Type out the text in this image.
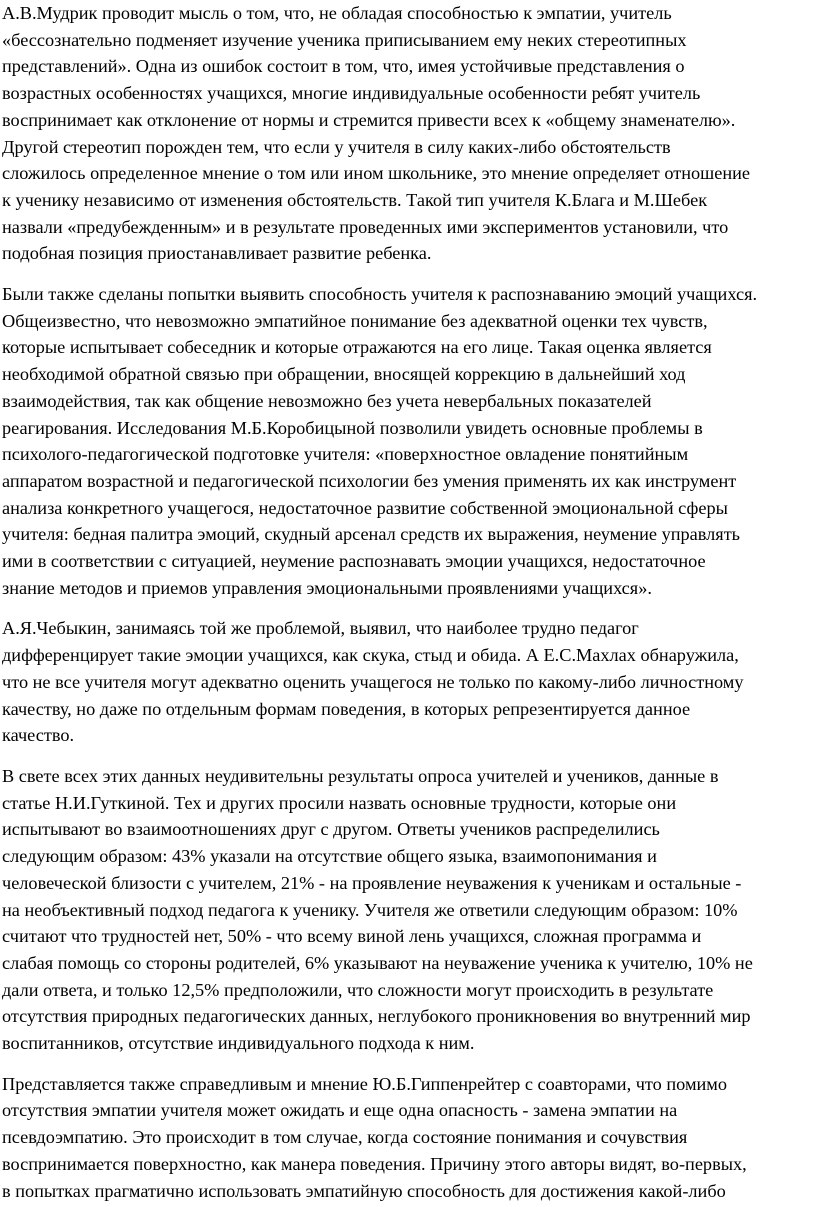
А.В.Мудрик проводит мысль о том, что, не обладая способностью к эмпатии, учитель
«бессознательно подменяет изучение ученика приписыванием ему неких стереотипных
представлений». Одна из ошибок состоит в том, что, имея устойчивые представления о
возрастных особенностях учащихся, многие индивидуальные особенности ребят учитель
воспринимает как отклонение от нормы и стремится привести всех к «общему знаменателю».
Другой стереотип порожден тем, что если у учителя в силу каких-либо обстоятельств
сложилось определенное мнение о том или ином школьнике, это мнение определяет отношение
к ученику независимо от изменения обстоятельств. Такой тип учителя К.Блага и М.Шебек
назвали «предубежденным» и в результате проведенных ими экспериментов установили, что
подобная позиция приостанавливает развитие ребенка.

Были также сделаны попытки выявить способность учителя к распознаванию эмоций учащихся.
Общеизвестно, что невозможно эмпатийное понимание без адекватной оценки тех чувств,
которые испытывает собеседник и которые отражаются на его лице. Такая оценка является
необходимой обратной связью при обращении, вносящей коррекцию в дальнейший ход
взаимодействия, так как общение невозможно без учета невербальных показателей
реагирования. Исследования М.Б.Коробицыной позволили увидеть основные проблемы в
психолого-педагогической подготовке учителя: «поверхностное овладение понятийным
аппаратом возрастной и педагогической психологии без умения применять их как инструмент
анализа конкретного учащегося, недостаточное развитие собственной эмоциональной сферы
учителя: бедная палитра эмоций, скудный арсенал средств их выражения, неумение управлять
ими в соответствии с ситуацией, неумение распознавать эмоции учащихся, недостаточное
знание методов и приемов управления эмоциональными проявлениями учащихся».

А.Я.Чебыкин, занимаясь той же проблемой, выявил, что наиболее трудно педагог
дифференцирует такие эмоции учащихся, как скука, стыд и обида. А Е.С.Махлах обнаружила,
что не все учителя могут адекватно оценить учащегося не только по какому-либо личностному
качеству, но даже по отдельным формам поведения, в которых репрезентируется данное
качество.

В свете всех этих данных неудивительны результаты опроса учителей и учеников, данные в
статье Н.И.Гуткиной. Тех и других просили назвать основные трудности, которые они
испытывают во взаимоотношениях друг с другом. Ответы учеников распределились
следующим образом: 43% указали на отсутствие общего языка, взаимопонимания и
человеческой близости с учителем, 21% - на проявление неуважения к ученикам и остальные -
на необъективный подход педагога к ученику. Учителя же ответили следующим образом: 10%
считают что трудностей нет, 50% - что всему виной лень учащихся, сложная программа и
слабая помощь со стороны родителей, 6% указывают на неуважение ученика к учителю, 10% не
дали ответа, и только 12,5% предположили, что сложности могут происходить в результате
отсутствия природных педагогических данных, неглубокого проникновения во внутренний мир
воспитанников, отсутствие индивидуального подхода к ним.

Представляется также справедливым и мнение Ю.Б.Гиппенрейтер с соавторами, что помимо
отсутствия эмпатии учителя может ожидать и еще одна опасность - замена эмпатии на
псевдоэмпатию. Это происходит в том случае, когда состояние понимания и сочувствия
воспринимается поверхностно, как манера поведения. Причину этого авторы видят, во-первых,
в попытках прагматично использовать эмпатийную способность для достижения какой-либо
